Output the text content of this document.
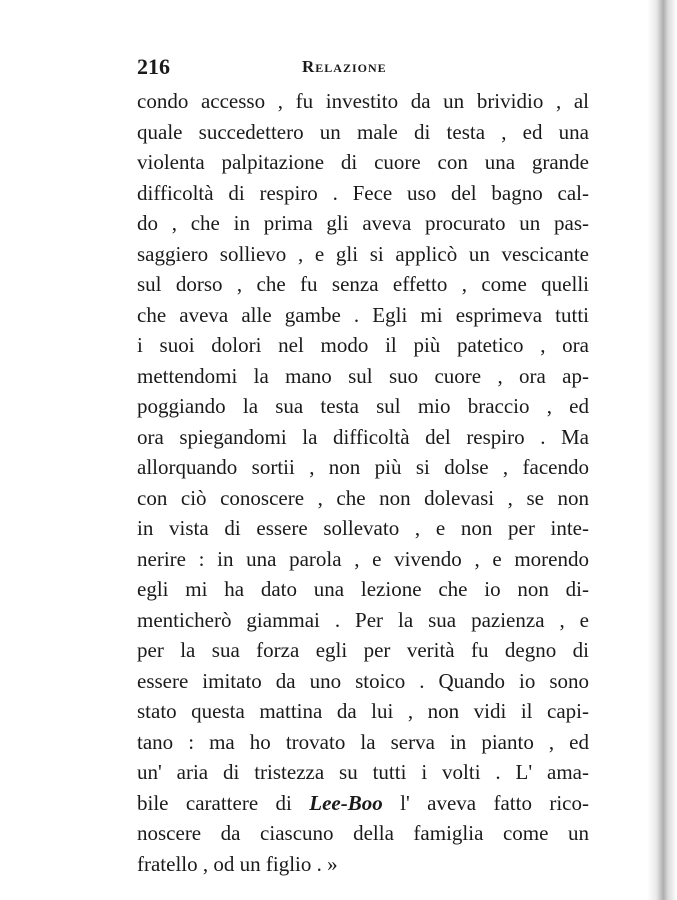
216	Relazione
condo accesso , fu investito da un brividio , al
quale succedettero un male di testa , ed una
violenta palpitazione di cuore con una grande
difficoltà di respiro . Fece uso del bagno cal-
do , che in prima gli aveva procurato un pas-
saggiero sollievo , e gli si applicò un vescicante
sul dorso , che fu senza effetto , come quelli
che aveva alle gambe . Egli mi esprimeva tutti
i suoi dolori nel modo il più patetico , ora
mettendomi la mano sul suo cuore , ora ap-
poggiando la sua testa sul mio braccio , ed
ora spiegandomi la difficoltà del respiro . Ma
allorquando sortii , non più si dolse , facendo
con ciò conoscere , che non dolevasi , se non
in vista di essere sollevato , e non per inte-
nerire : in una parola , e vivendo , e morendo
egli mi ha dato una lezione che io non di-
menticherò giammai . Per la sua pazienza , e
per la sua forza egli per verità fu degno di
essere imitato da uno stoico . Quando io sono
stato questa mattina da lui , non vidi il capi-
tano : ma ho trovato la serva in pianto , ed
un' aria di tristezza su tutti i volti . L' ama-
bile carattere di Lee-Boo l' aveva fatto rico-
noscere da ciascuno della famiglia come un
fratello , od un figlio . »
